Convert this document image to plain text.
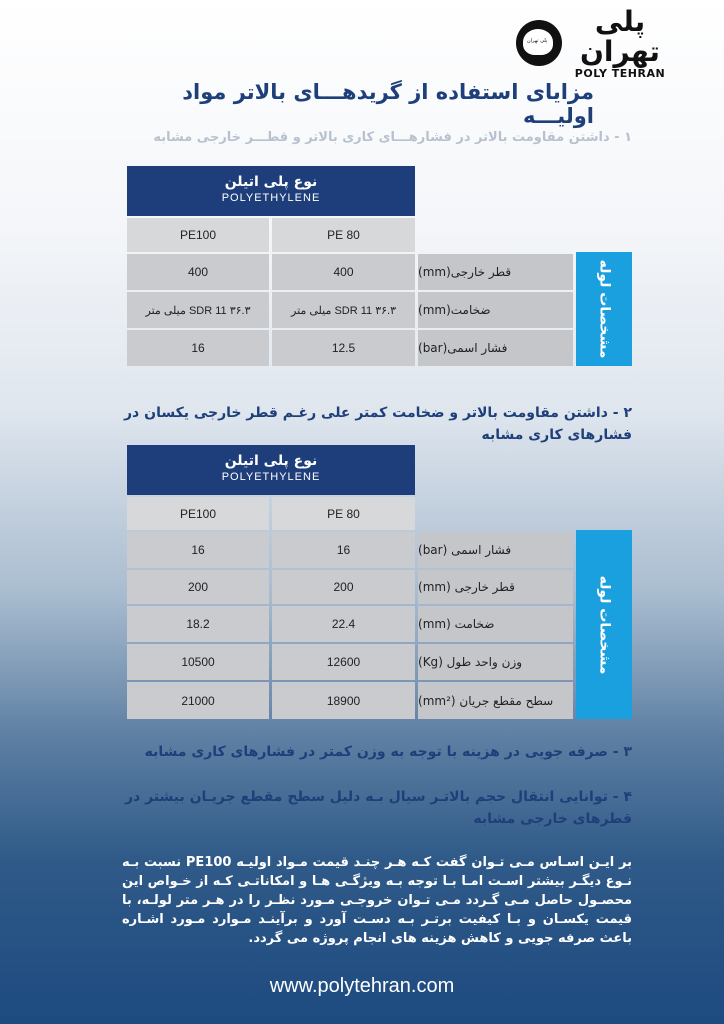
پلی تهران
پلی تهران
POLY TEHRAN
مزایای استفاده از گریدهـــای بالاتر مواد اولیـــه
۱ - داشتن مقاومت بالاتر در فشارهـــای کاری بالاتر و قطـــر خارجی مشابه
نوع پلی اتیلن
POLYETHYLENE
PE100	PE 80
400	400	قطر خارجی(mm)
SDR 11 ۳۶.۳ میلی متر	SDR 11 ۳۶.۳ میلی متر	ضخامت(mm)
16	12.5	فشار اسمی(bar)	مشخصات لوله
۲ - داشتن مقاومت بالاتر و ضخامت کمتر علی رغـم قطر خارجی یکسان در فشارهای کاری مشابه
نوع پلی اتیلن
POLYETHYLENE
PE100	PE 80
16	16	فشار اسمی (bar)
200	200	قطر خارجی (mm)
18.2	22.4	ضخامت (mm)
10500	12600	وزن واحد طول (Kg)
21000	18900	سطح مقطع جریان (mm²)
مشخصات لوله
۳ - صرفه جویی در هزینه با توجه به وزن کمتر در فشارهای کاری مشابه
۴ - توانایی انتقال حجم بالاتـر سیال بـه دلیل سطح مقطع جریـان بیشتر در قطرهای خارجی مشابه
بر ایـن اسـاس مـی تـوان گفت کـه هـر چنـد قیمت مـواد اولیـه PE100 نسبت بـه نـوع دیگـر بیشتر اسـت امـا بـا توجه بـه ویژگـی هـا و امکاناتـی کـه از خـواص این محصـول حاصل مـی گـردد مـی تـوان خروجـی مـورد نظـر را در هـر متر لولـه، با قیمت یکسـان و بـا کیفیت برتـر بـه دسـت آورد و برآینـد مـوارد مـورد اشـاره باعث صرفه جویی و کاهش هزینه های انجام پروژه می گردد.
www.polytehran.com
